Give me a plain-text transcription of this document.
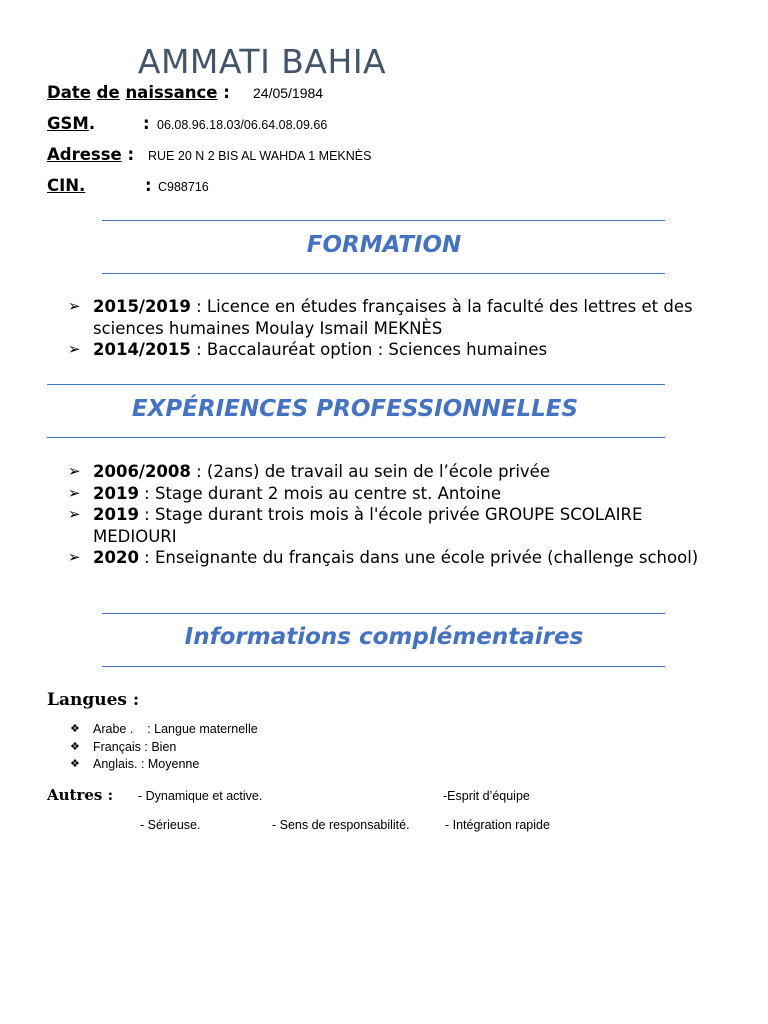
AMMATI BAHIA
Date de naissance : 24/05/1984
GSM.	: 06.08.96.18.03/06.64.08.09.66
Adresse : RUE 20 N 2 BIS AL WAHDA 1 MEKNÈS
CIN.	: C988716
FORMATION
➢ 2015/2019 : Licence en études françaises à la faculté des lettres et des sciences humaines Moulay Ismail MEKNÈS
➢ 2014/2015 : Baccalauréat option : Sciences humaines
EXPÉRIENCES PROFESSIONNELLES
➢ 2006/2008 : (2ans) de travail au sein de l’école privée
➢ 2019 : Stage durant 2 mois au centre st. Antoine
➢ 2019 : Stage durant trois mois à l'école privée GROUPE SCOLAIRE MEDIOURI
➢ 2020 : Enseignante du français dans une école privée (challenge school)
Informations complémentaires
Langues :
❖ Arabe .    : Langue maternelle
❖ Français : Bien
❖ Anglais. : Moyenne
Autres : - Dynamique et active.	-Esprit d’équipe
- Sérieuse.	- Sens de responsabilité.	- Intégration rapide
